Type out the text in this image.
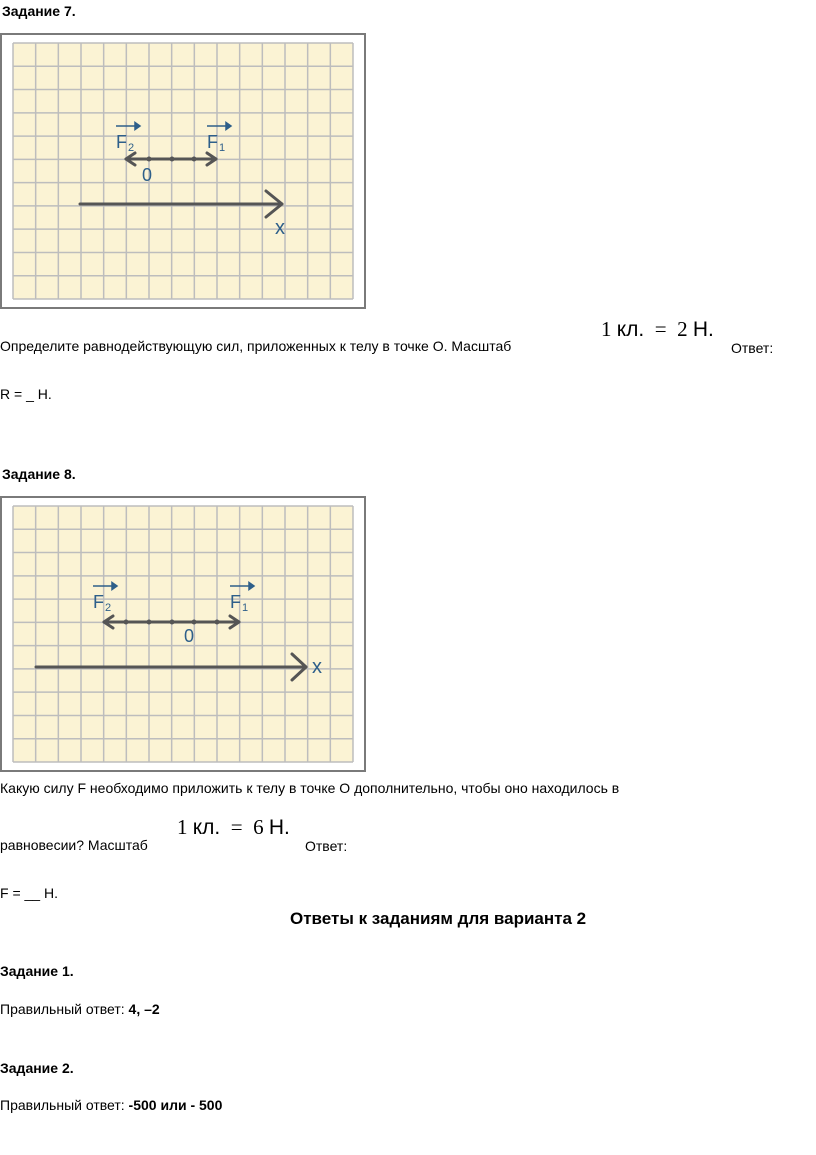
Задание 7.
F 2	F 1
0
x
Определите равнодействующую сил, приложенных к телу в точке О. Масштаб
1 кл. = 2 Н.
Ответ:
R = _ Н.
Задание 8.
F 2	F 1
0
x
Какую силу F необходимо приложить к телу в точке О дополнительно, чтобы оно находилось в
равновесии? Масштаб
1 кл. = 6 Н.
Ответ:
F = __ Н.
Ответы к заданиям для варианта 2
Задание 1.
Правильный ответ: 4, –2
Задание 2.
Правильный ответ: -500 или - 500
